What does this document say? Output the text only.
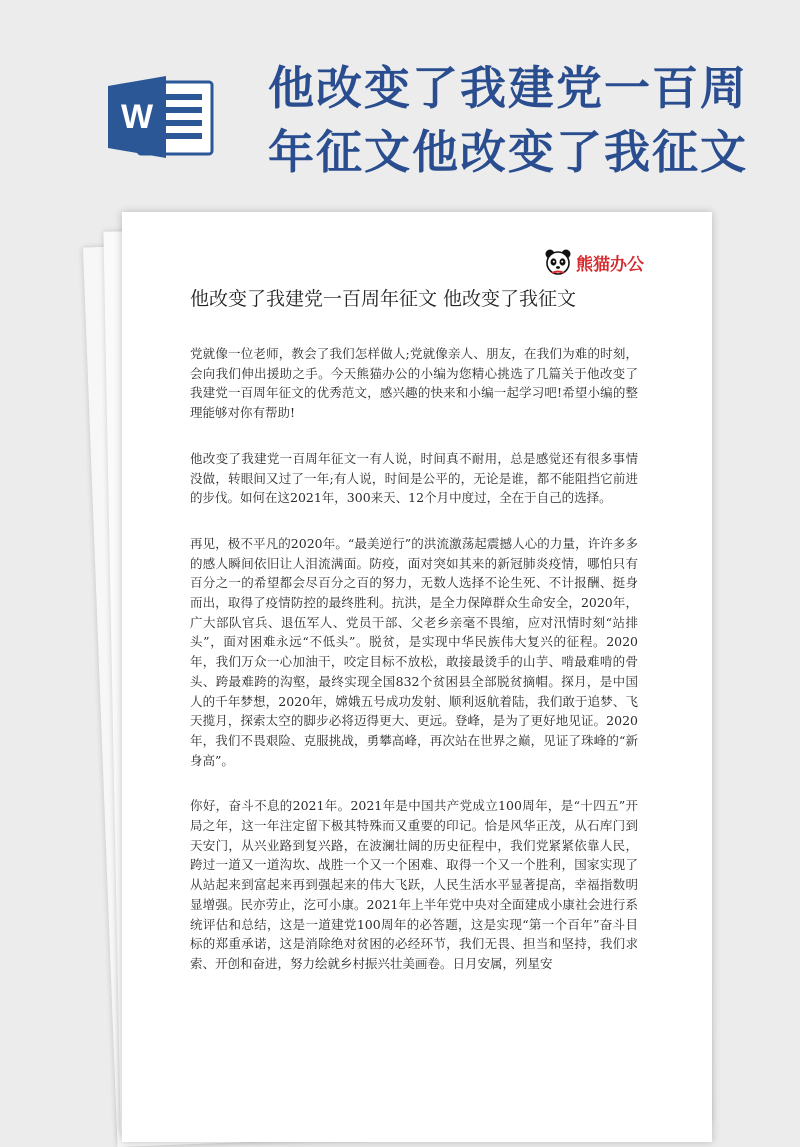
W
他改变了我建党一百周
年征文他改变了我征文
熊猫办公
他改变了我建党一百周年征文 他改变了我征文

党就像一位老师，教会了我们怎样做人;党就像亲人、朋友，在我们为难的时刻，会向我们伸出援助之手。今天熊猫办公的小编为您精心挑选了几篇关于他改变了我建党一百周年征文的优秀范文，感兴趣的快来和小编一起学习吧!希望小编的整理能够对你有帮助!

他改变了我建党一百周年征文一有人说，时间真不耐用，总是感觉还有很多事情没做，转眼间又过了一年;有人说，时间是公平的，无论是谁，都不能阻挡它前进的步伐。如何在这2021年，300来天、12个月中度过，全在于自己的选择。

再见，极不平凡的2020年。“最美逆行”的洪流激荡起震撼人心的力量，许许多多的感人瞬间依旧让人泪流满面。防疫，面对突如其来的新冠肺炎疫情，哪怕只有百分之一的希望都会尽百分之百的努力，无数人选择不论生死、不计报酬、挺身而出，取得了疫情防控的最终胜利。抗洪，是全力保障群众生命安全，2020年，广大部队官兵、退伍军人、党员干部、父老乡亲毫不畏缩，应对汛情时刻“站排头”，面对困难永远“不低头”。脱贫，是实现中华民族伟大复兴的征程。2020年，我们万众一心加油干，咬定目标不放松，敢接最烫手的山芋、啃最难啃的骨头、跨最难跨的沟壑，最终实现全国832个贫困县全部脱贫摘帽。探月，是中国人的千年梦想，2020年，嫦娥五号成功发射、顺利返航着陆，我们敢于追梦、飞天揽月，探索太空的脚步必将迈得更大、更远。登峰，是为了更好地见证。2020年，我们不畏艰险、克服挑战，勇攀高峰，再次站在世界之巅，见证了珠峰的“新身高”。

你好，奋斗不息的2021年。2021年是中国共产党成立100周年，是“十四五”开局之年，这一年注定留下极其特殊而又重要的印记。恰是风华正茂，从石库门到天安门，从兴业路到复兴路，在波澜壮阔的历史征程中，我们党紧紧依靠人民，跨过一道又一道沟坎、战胜一个又一个困难、取得一个又一个胜利，国家实现了从站起来到富起来再到强起来的伟大飞跃，人民生活水平显著提高，幸福指数明显增强。民亦劳止，汔可小康。2021年上半年党中央对全面建成小康社会进行系统评估和总结，这是一道建党100周年的必答题，这是实现“第一个百年”奋斗目标的郑重承诺，这是消除绝对贫困的必经环节，我们无畏、担当和坚持，我们求索、开创和奋进，努力绘就乡村振兴壮美画卷。日月安属，列星安
